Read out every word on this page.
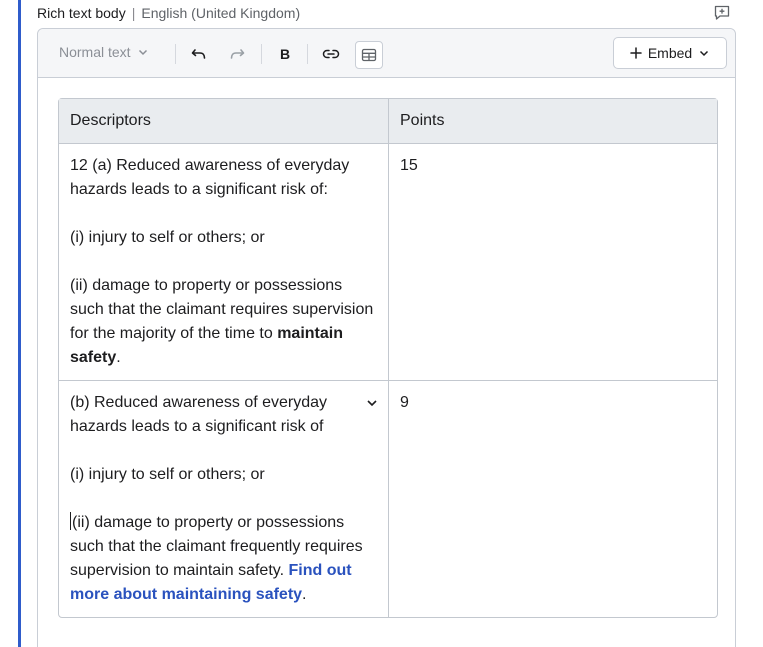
Rich text body | English (United Kingdom)
Normal text	B	Embed
Descriptors	Points

12 (a) Reduced awareness of everyday hazards leads to a significant risk of:

(i) injury to self or others; or

(ii) damage to property or possessions such that the claimant requires supervision for the majority of the time to maintain safety.	15

(b) Reduced awareness of everyday hazards leads to a significant risk of

(i) injury to self or others; or

(ii) damage to property or possessions such that the claimant frequently requires supervision to maintain safety. Find out more about maintaining safety.	9
